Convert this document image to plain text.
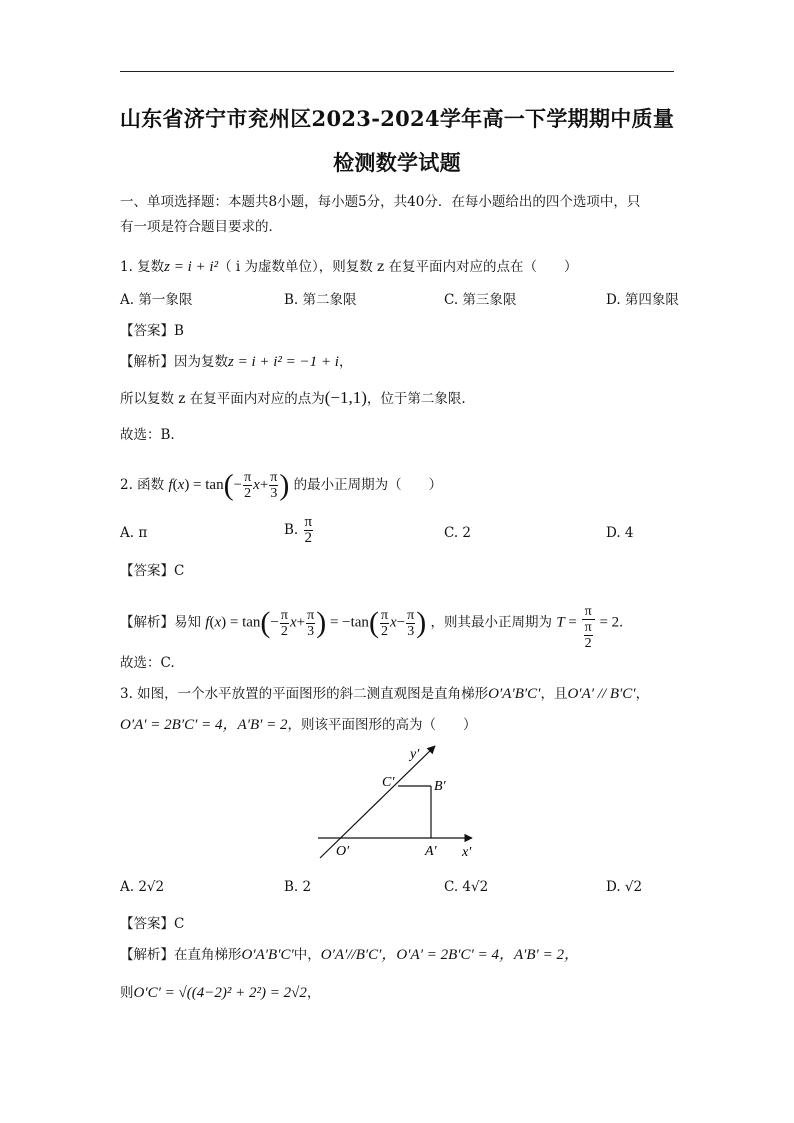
山东省济宁市兖州区2023-2024学年高一下学期期中质量
检测数学试题
一、单项选择题：本题共8小题，每小题5分，共40分．在每小题给出的四个选项中，只
有一项是符合题目要求的．
1. 复数z = i + i²（ i 为虚数单位），则复数 z 在复平面内对应的点在（　　）
A. 第一象限	B. 第二象限	C. 第三象限	D. 第四象限
【答案】B
【解析】因为复数z = i + i² = −1 + i，
所以复数 z 在复平面内对应的点为(−1,1)，位于第二象限.
故选：B.
2. 函数 $f(x) = \tan(- \frac{\pi}{2} x+ \frac{\pi}{3}$ ) 的最小正周期为（　　）
A. π	B. $\frac{\pi}{2}$	C. 2	D. 4
【答案】C
【解析】易知 $f(x) = \tan(- \frac{\pi}{2} x+ \frac{\pi}{3}$ ) = $-\tan( \frac{\pi}{2} x- \frac{\pi}{3}$ ) ，则其最小正周期为 $T = \frac{\pi}{\frac{\pi}{2}} = 2$.
故选：C.
3. 如图，一个水平放置的平面图形的斜二测直观图是直角梯形O′A′B′C′，且O′A′ // B′C′，
O′A′ = 2B′C′ = 4，A′B′ = 2，则该平面图形的高为（　　）
y′
C′	B′
O′	A′ x′
A. 2√2	B. 2	C. 4√2	D. √2
【答案】C
【解析】在直角梯形O′A′B′C′中，O′A′//B′C′，O′A′ = 2B′C′ = 4，A′B′ = 2，
则O′C′ = √((4−2)² + 2²) = 2√2，
